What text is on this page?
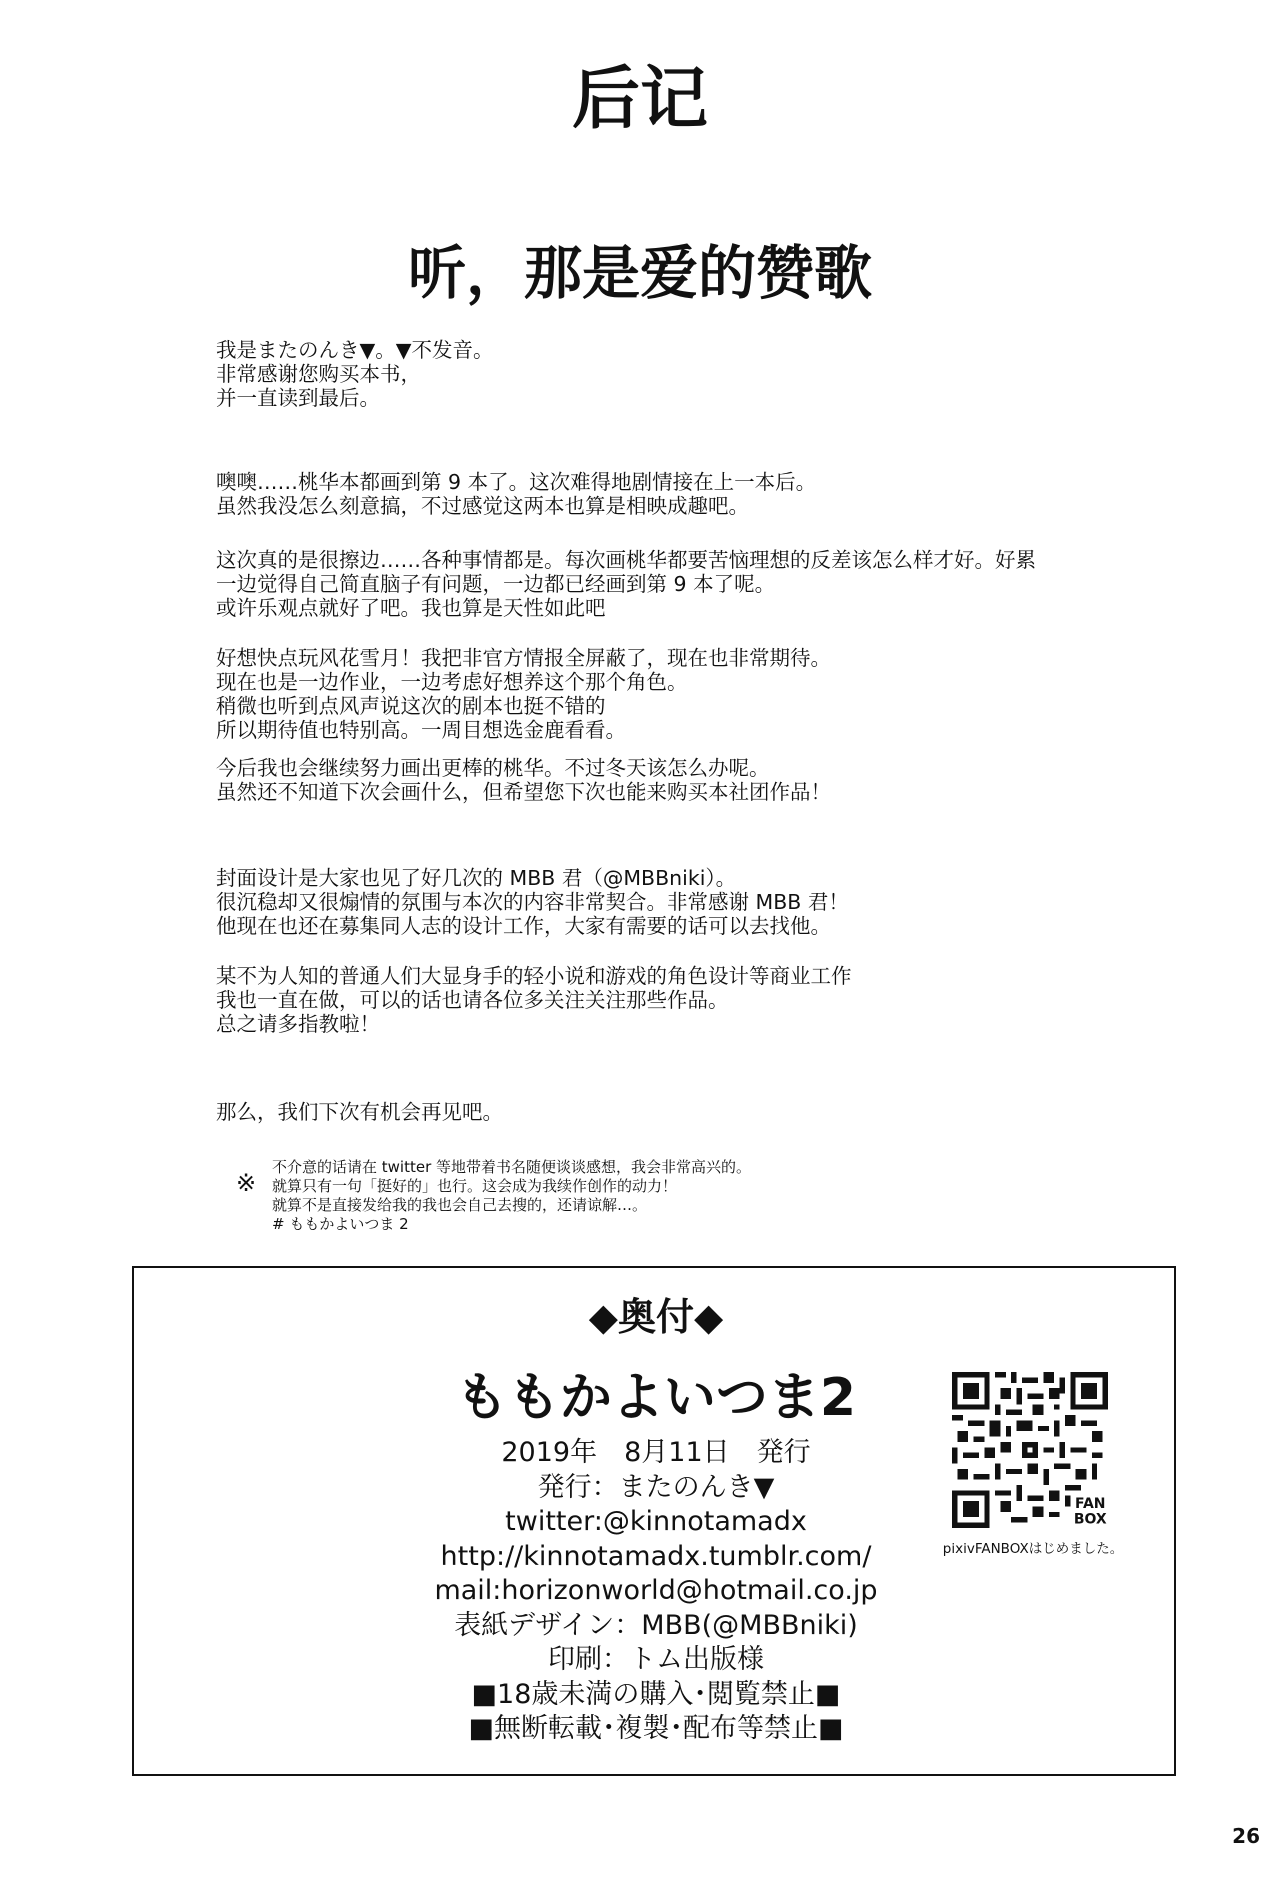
后记
听，那是爱的赞歌

我是またのんき▼。▼不发音。
非常感谢您购买本书，
并一直读到最后。

噢噢……桃华本都画到第 9 本了。这次难得地剧情接在上一本后。
虽然我没怎么刻意搞，不过感觉这两本也算是相映成趣吧。

这次真的是很擦边……各种事情都是。每次画桃华都要苦恼理想的反差该怎么样才好。好累
一边觉得自己简直脑子有问题，一边都已经画到第 9 本了呢。
或许乐观点就好了吧。我也算是天性如此吧

好想快点玩风花雪月！我把非官方情报全屏蔽了，现在也非常期待。
现在也是一边作业，一边考虑好想养这个那个角色。
稍微也听到点风声说这次的剧本也挺不错的
所以期待值也特别高。一周目想选金鹿看看。

今后我也会继续努力画出更棒的桃华。不过冬天该怎么办呢。
虽然还不知道下次会画什么，但希望您下次也能来购买本社团作品！

封面设计是大家也见了好几次的 MBB 君（@MBBniki）。
很沉稳却又很煽情的氛围与本次的内容非常契合。非常感谢 MBB 君！
他现在也还在募集同人志的设计工作，大家有需要的话可以去找他。

某不为人知的普通人们大显身手的轻小说和游戏的角色设计等商业工作
我也一直在做，可以的话也请各位多关注关注那些作品。
总之请多指教啦！

那么，我们下次有机会再见吧。

※
不介意的话请在 twitter 等地带着书名随便谈谈感想，我会非常高兴的。
就算只有一句「挺好的」也行。这会成为我续作创作的动力！
就算不是直接发给我的我也会自己去搜的，还请谅解…。
# ももかよいつま 2
◆奥付◆
ももかよいつま2
2019年　8月11日　発行
発行：またのんき▼
twitter:@kinnotamadx
http://kinnotamadx.tumblr.com/
mail:horizonworld@hotmail.co.jp
表紙デザイン：MBB(@MBBniki)
印刷：トム出版様
■18歳未満の購入･閲覧禁止■
■無断転載･複製･配布等禁止■
FAN
BOX
pixivFANBOXはじめました。
26
